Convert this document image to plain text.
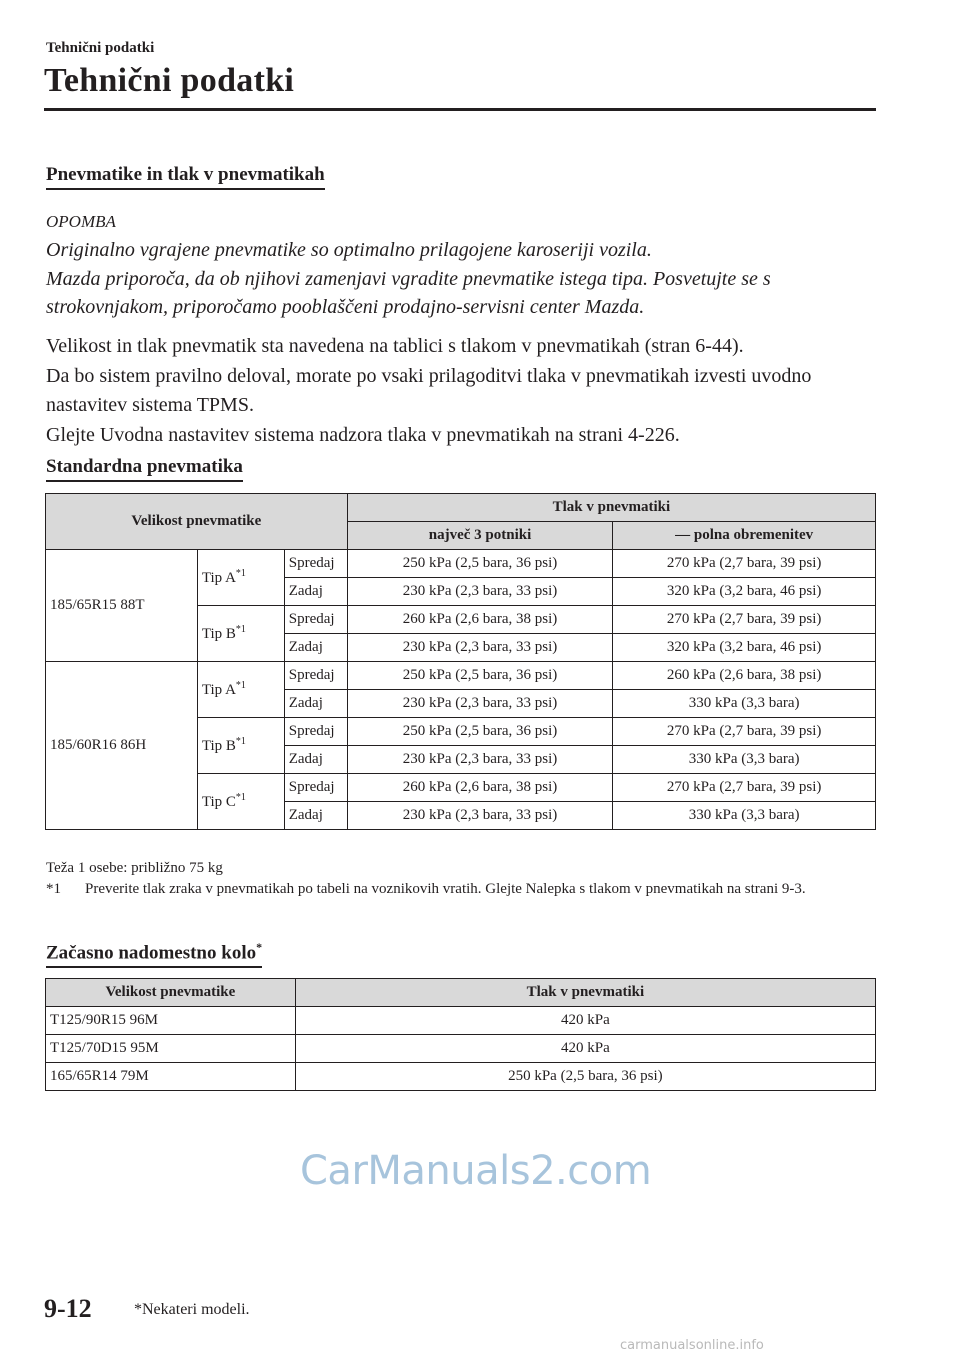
Tehnični podatki
Tehnični podatki
Pnevmatike in tlak v pnevmatikah
OPOMBA
Originalno vgrajene pnevmatike so optimalno prilagojene karoseriji vozila.
Mazda priporoča, da ob njihovi zamenjavi vgradite pnevmatike istega tipa. Posvetujte se s strokovnjakom, priporočamo pooblaščeni prodajno-servisni center Mazda.

Velikost in tlak pnevmatik sta navedena na tablici s tlakom v pnevmatikah (stran 6-44).

Da bo sistem pravilno deloval, morate po vsaki prilagoditvi tlaka v pnevmatikah izvesti uvodno nastavitev sistema TPMS.

Glejte Uvodna nastavitev sistema nadzora tlaka v pnevmatikah na strani 4-226.

Standardna pnevmatika
Velikost pnevmatike			Tlak v pnevmatiki	
			največ 3 potniki	— polna obremenitev
185/65R15 88T	Tip $A^{*1}$	Spredaj	250 kPa (2,5 bara, 36 psi)	270 kPa (2,7 bara, 39 psi)
		Zadaj	230 kPa (2,3 bara, 33 psi)	320 kPa (3,2 bara, 46 psi)
	Tip $B^{*1}$	Spredaj	260 kPa (2,6 bara, 38 psi)	270 kPa (2,7 bara, 39 psi)
		Zadaj	230 kPa (2,3 bara, 33 psi)	320 kPa (3,2 bara, 46 psi)
185/60R16 86H	Tip $A^{*1}$	Spredaj	250 kPa (2,5 bara, 36 psi)	260 kPa (2,6 bara, 38 psi)
		Zadaj	230 kPa (2,3 bara, 33 psi)	330 kPa (3,3 bara)
	Tip $B^{*1}$	Spredaj	250 kPa (2,5 bara, 36 psi)	270 kPa (2,7 bara, 39 psi)
		Zadaj	230 kPa (2,3 bara, 33 psi)	330 kPa (3,3 bara)
	Tip $C^{*1}$	Spredaj	260 kPa (2,6 bara, 38 psi)	270 kPa (2,7 bara, 39 psi)
		Zadaj	230 kPa (2,3 bara, 33 psi)	330 kPa (3,3 bara)
Teža 1 osebe: približno 75 kg
*1 Preverite tlak zraka v pnevmatikah po tabeli na voznikovih vratih. Glejte Nalepka s tlakom v pnevmatikah na strani 9-3.
Začasno nadomestno kolo*
Velikost pnevmatike	Tlak v pnevmatiki
T125/90R15 96M	420 kPa
T125/70D15 95M	420 kPa
165/65R14 79M	250 kPa (2,5 bara, 36 psi)
CarManuals2.com
9-12	*Nekateri modeli.
carmanualsonline.info
